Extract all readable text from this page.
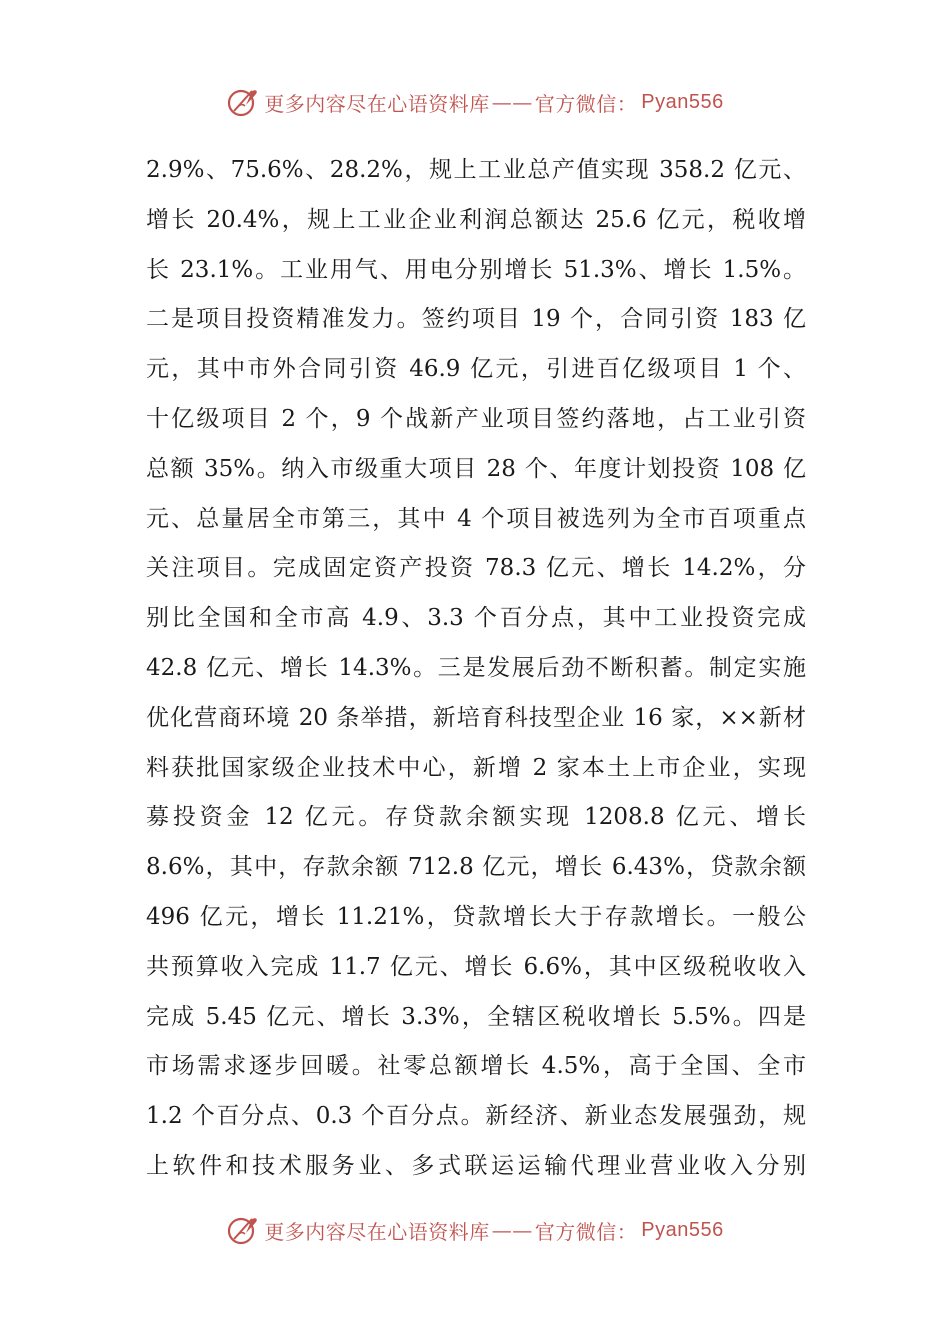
更多内容尽在心语资料库 —— 官方微信： Pyan556
2.9%、75.6%、28.2%，规上工业总产值实现 358.2 亿元、
增长 20.4%，规上工业企业利润总额达 25.6 亿元，税收增
长 23.1%。工业用气、用电分别增长 51.3%、增长 1.5%。
二是项目投资精准发力。签约项目 19 个，合同引资 183 亿
元，其中市外合同引资 46.9 亿元，引进百亿级项目 1 个、
十亿级项目 2 个，9 个战新产业项目签约落地，占工业引资
总额 35%。纳入市级重大项目 28 个、年度计划投资 108 亿
元、总量居全市第三，其中 4 个项目被选列为全市百项重点
关注项目。完成固定资产投资 78.3 亿元、增长 14.2%，分
别比全国和全市高 4.9、3.3 个百分点，其中工业投资完成
42.8 亿元、增长 14.3%。三是发展后劲不断积蓄。制定实施
优化营商环境 20 条举措，新培育科技型企业 16 家，××新材
料获批国家级企业技术中心，新增 2 家本土上市企业，实现
募投资金 12 亿元。存贷款余额实现 1208.8 亿元、增长
8.6%，其中，存款余额 712.8 亿元，增长 6.43%，贷款余额
496 亿元，增长 11.21%，贷款增长大于存款增长。一般公
共预算收入完成 11.7 亿元、增长 6.6%，其中区级税收收入
完成 5.45 亿元、增长 3.3%，全辖区税收增长 5.5%。四是
市场需求逐步回暖。社零总额增长 4.5%，高于全国、全市
1.2 个百分点、0.3 个百分点。新经济、新业态发展强劲，规
上软件和技术服务业、多式联运运输代理业营业收入分别
更多内容尽在心语资料库 —— 官方微信： Pyan556
